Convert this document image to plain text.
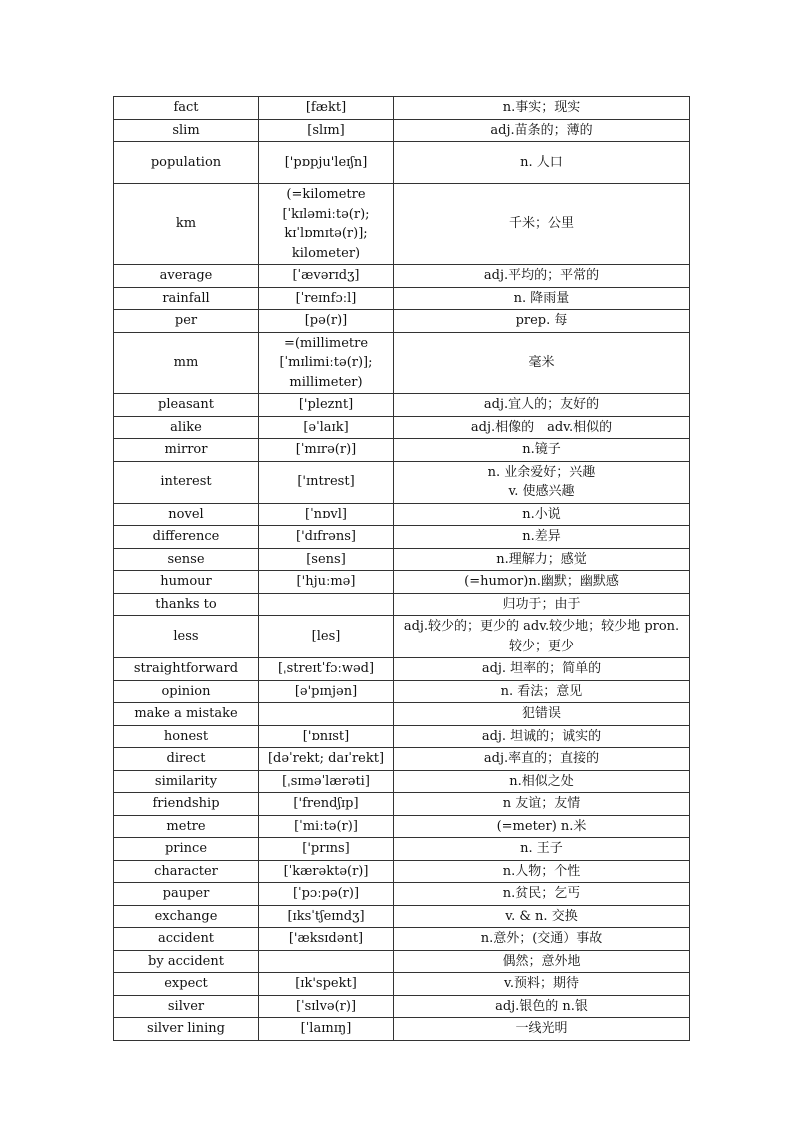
fact	[fækt]	n.事实；现实
slim	[slɪm]	adj.苗条的；薄的
population	['pɒpju'leɪʃn]	n. 人口
km	(=kilometre
[ˈkɪləmiːtə(r);
kɪˈlɒmɪtə(r)];
kilometer)	千米；公里
average	[ˈævərɪdʒ]	adj.平均的；平常的
rainfall	[ˈreɪnfɔːl]	n. 降雨量
per	[pə(r)]	prep. 每
mm	=(millimetre
[ˈmɪlimiːtə(r)];
millimeter)	毫米
pleasant	['pleznt]	adj.宜人的；友好的
alike	[əˈlaɪk]	adj.相像的　adv.相似的
mirror	[ˈmɪrə(r)]	n.镜子
interest	['ɪntrest]	n. 业余爱好；兴趣
v. 使感兴趣

novel	[ˈnɒvl]	n.小说
difference	['dɪfrəns]	n.差异
sense	[sens]	n.理解力；感觉
humour	['hjuːmə]	(=humor)n.幽默；幽默感
thanks to		归功于；由于
less	[les]	adj.较少的；更少的 adv.较少地；较少地 pron.
较少；更少

straightforward	[ˌstreɪtˈfɔːwəd]	adj. 坦率的；简单的
opinion	[ə'pɪnjən]	n. 看法；意见
make a mistake		犯错误
honest	['ɒnɪst]	adj. 坦诚的；诚实的
direct	[dəˈrekt; daɪˈrekt]	adj.率直的；直接的
similarity	[ˌsɪməˈlærəti]	n.相似之处
friendship	['frendʃɪp]	n 友谊；友情
metre	[ˈmiːtə(r)]	(=meter) n.米
prince	['prɪns]	n. 王子
character	[ˈkærəktə(r)]	n.人物；个性
pauper	[ˈpɔːpə(r)]	n.贫民；乞丐
exchange	[ɪksˈtʃeɪndʒ]	v. & n. 交换
accident	['æksɪdənt]	n.意外；(交通）事故
by accident		偶然；意外地
expect	[ɪk'spekt]	v.预料；期待
silver	[ˈsɪlvə(r)]	adj.银色的 n.银
silver lining	[ˈlaɪnɪŋ]	一线光明
